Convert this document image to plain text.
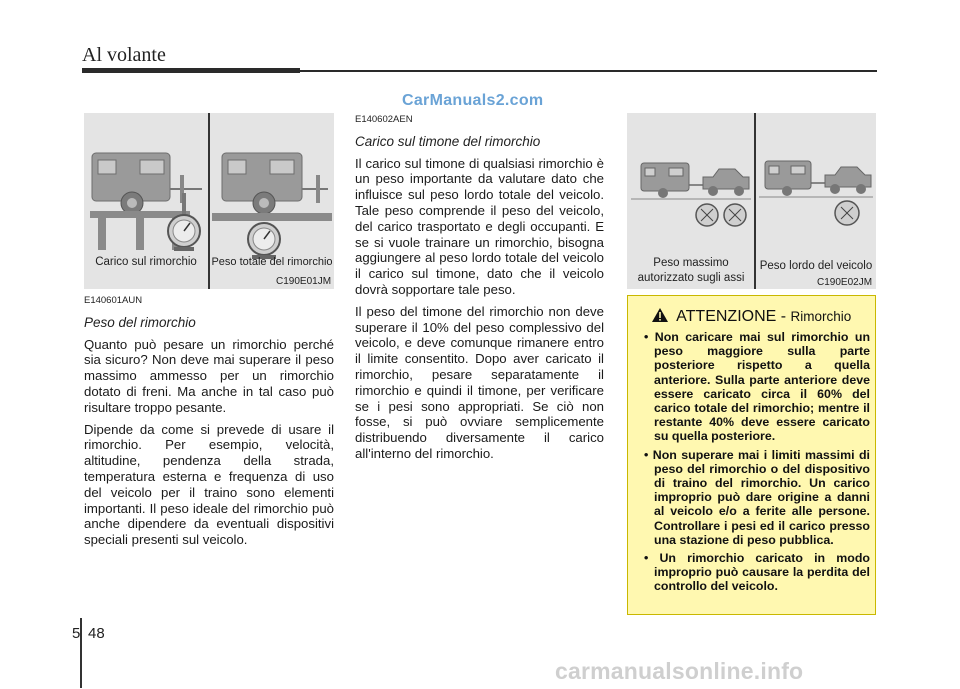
Al volante
CarManuals2.com
Carico sul rimorchio	Peso totale del rimorchio
C190E01JM

E140601AUN

Peso del rimorchio

Quanto può pesare un rimorchio perché sia sicuro? Non deve mai superare il peso massimo ammesso per un rimorchio dotato di freni. Ma anche in tal caso può risultare troppo pesante.

Dipende da come si prevede di usare il rimorchio. Per esempio, velocità, altitudine, pendenza della strada, temperatura esterna e frequenza di uso del veicolo per il traino sono elementi importanti. Il peso ideale del rimorchio può anche dipendere da eventuali dispositivi speciali presenti sul veicolo.

E140602AEN

Carico sul timone del rimorchio

Il carico sul timone di qualsiasi rimorchio è un peso importante da valutare dato che influisce sul peso lordo totale del veicolo. Tale peso comprende il peso del veicolo, del carico trasportato e degli occupanti. E se si vuole trainare un rimorchio, bisogna aggiungere al peso lordo totale del veicolo il carico sul timone, dato che il veicolo dovrà sopportare tale peso.

Il peso del timone del rimorchio non deve superare il 10% del peso complessivo del veicolo, e deve comunque rimanere entro il limite consentito. Dopo aver caricato il rimorchio, pesare separatamente il rimorchio e quindi il timone, per verificare se i pesi sono appropriati. Se ciò non fosse, si può ovviare semplicemente distribuendo diversamente il carico all'interno del rimorchio.

Peso massimo
autorizzato sugli assi
Peso lordo del veicolo
C190E02JM
ATTENZIONE - Rimorchio
• Non caricare mai sul rimorchio un peso maggiore sulla parte posteriore rispetto a quella anteriore. Sulla parte anteriore deve essere caricato circa il 60% del carico totale del rimorchio; mentre il restante 40% deve essere caricato su quella posteriore.
• Non superare mai i limiti massimi di peso del rimorchio o del dispositivo di traino del rimorchio. Un carico improprio può dare origine a danni al veicolo e/o a ferite alle persone. Controllare i pesi ed il carico presso una stazione di peso pubblica.
• Un rimorchio caricato in modo improprio può causare la perdita del controllo del veicolo.
5 48
carmanualsonline.info
